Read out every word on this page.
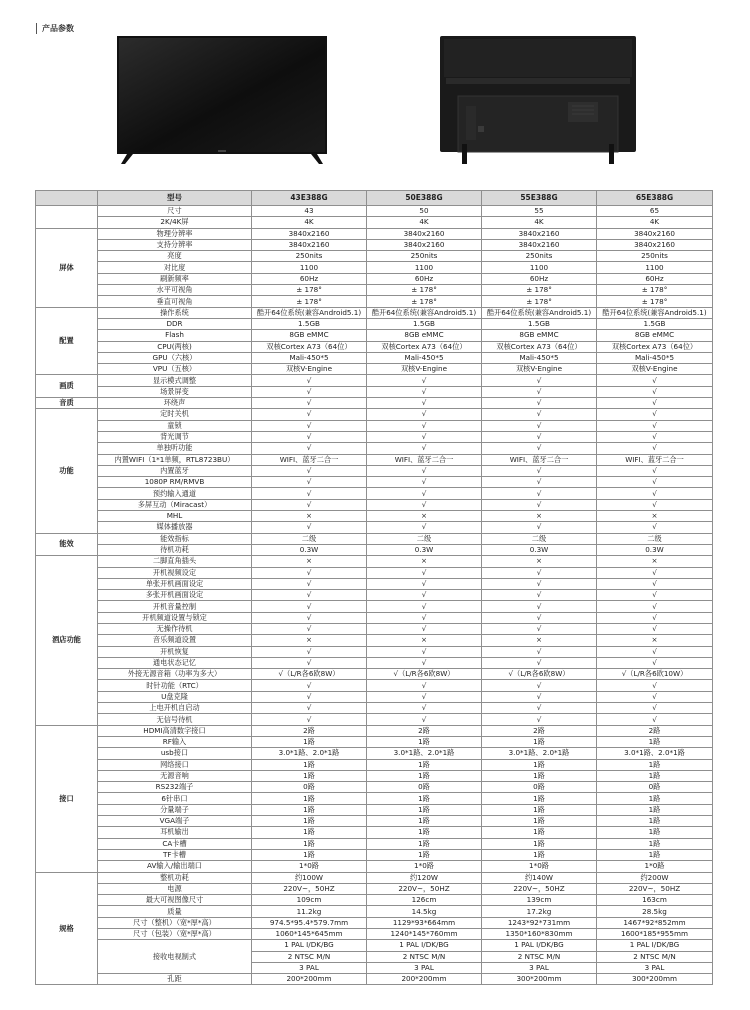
产品参数
	型号	43E388G	50E388G	55E388G	65E388G
	尺寸	43	50	55	65
	2K/4K屏	4K	4K	4K	4K
屏体	物理分辨率	3840x2160	3840x2160	3840x2160	3840x2160
	支持分辨率	3840x2160	3840x2160	3840x2160	3840x2160
	亮度	250nits	250nits	250nits	250nits
	对比度	1100	1100	1100	1100
	刷新频率	60Hz	60Hz	60Hz	60Hz
	水平可视角	± 178°	± 178°	± 178°	± 178°
	垂直可视角	± 178°	± 178°	± 178°	± 178°
配置	操作系统	酷开64位系统(兼容Android5.1)	酷开64位系统(兼容Android5.1)	酷开64位系统(兼容Android5.1)	酷开64位系统(兼容Android5.1)
	DDR	1.5GB	1.5GB	1.5GB	1.5GB
	Flash	8GB eMMC	8GB eMMC	8GB eMMC	8GB eMMC
	CPU(两核)	双核Cortex A73（64位）	双核Cortex A73（64位）	双核Cortex A73（64位）	双核Cortex A73（64位）
	GPU（六核）	Mali-450*5	Mali-450*5	Mali-450*5	Mali-450*5
	VPU（五核）	双核V-Engine	双核V-Engine	双核V-Engine	双核V-Engine
画质	显示模式调整	√	√	√	√
	场景屏变	√	√	√	√
音质	环绕声	√	√	√	√
功能	定时关机	√	√	√	√
	童锁	√	√	√	√
	背光调节	√	√	√	√
	单独听功能	√	√	√	√
	内置WIFI（1*1单频，RTL8723BU）	WIFI、蓝牙二合一	WIFI、蓝牙二合一	WIFI、蓝牙二合一	WIFI、蓝牙二合一
	内置蓝牙	√	√	√	√
	1080P RM/RMVB	√	√	√	√
	预约输入通道	√	√	√	√
	多屏互动（Miracast）	√	√	√	√
	MHL	×	×	×	×
	媒体播放器	√	√	√	√
能效	能效指标	二级	二级	二级	二级
	待机功耗	0.3W	0.3W	0.3W	0.3W
酒店功能	二脚直角插头	×	×	×	×
	开机视频设定	√	√	√	√
	单张开机画面设定	√	√	√	√
	多张开机画面设定	√	√	√	√
	开机音量控制	√	√	√	√
	开机频道设置与锁定	√	√	√	√
	无操作待机	√	√	√	√
	音乐频道设置	×	×	×	×
	开机恢复	√	√	√	√
	通电状态记忆	√	√	√	√
	外接无源音箱（功率为多大）	√（L/R各6欧8W）	√（L/R各6欧8W）	√（L/R各6欧8W）	√（L/R各6欧10W）
	时针功能（RTC）	√	√	√	√
	U盘克隆	√	√	√	√
	上电开机自启动	√	√	√	√
	无信号待机	√	√	√	√
接口	HDMI高清数字接口	2路	2路	2路	2路
	RF输入	1路	1路	1路	1路
	usb接口	3.0*1路、2.0*1路	3.0*1路、2.0*1路	3.0*1路、2.0*1路	3.0*1路、2.0*1路
	网络接口	1路	1路	1路	1路
	无源音响	1路	1路	1路	1路
	RS232端子	0路	0路	0路	0路
	6针串口	1路	1路	1路	1路
	分量端子	1路	1路	1路	1路
	VGA端子	1路	1路	1路	1路
	耳机输出	1路	1路	1路	1路
	CA卡槽	1路	1路	1路	1路
	TF卡槽	1路	1路	1路	1路
	AV输入/输出端口	1*0路	1*0路	1*0路	1*0路
规格	整机功耗	约100W	约120W	约140W	约200W
	电源	220V~，50HZ	220V~，50HZ	220V~，50HZ	220V~，50HZ
	最大可视图像尺寸	109cm	126cm	139cm	163cm
	质量	11.2kg	14.5kg	17.2kg	28.5kg
	尺寸（整机）（宽*厚*高）	974.5*95.4*579.7mm	1129*93*664mm	1243*92*731mm	1467*92*852mm
	尺寸（包装）（宽*厚*高）	1060*145*645mm	1240*145*760mm	1350*160*830mm	1600*185*955mm
	接收电视制式	1 PAL I/DK/BG	1 PAL I/DK/BG	1 PAL I/DK/BG	1 PAL I/DK/BG
		2 NTSC M/N	2 NTSC M/N	2 NTSC M/N	2 NTSC M/N
		3 PAL	3 PAL	3 PAL	3 PAL
	孔距	200*200mm	200*200mm	300*200mm	300*200mm
